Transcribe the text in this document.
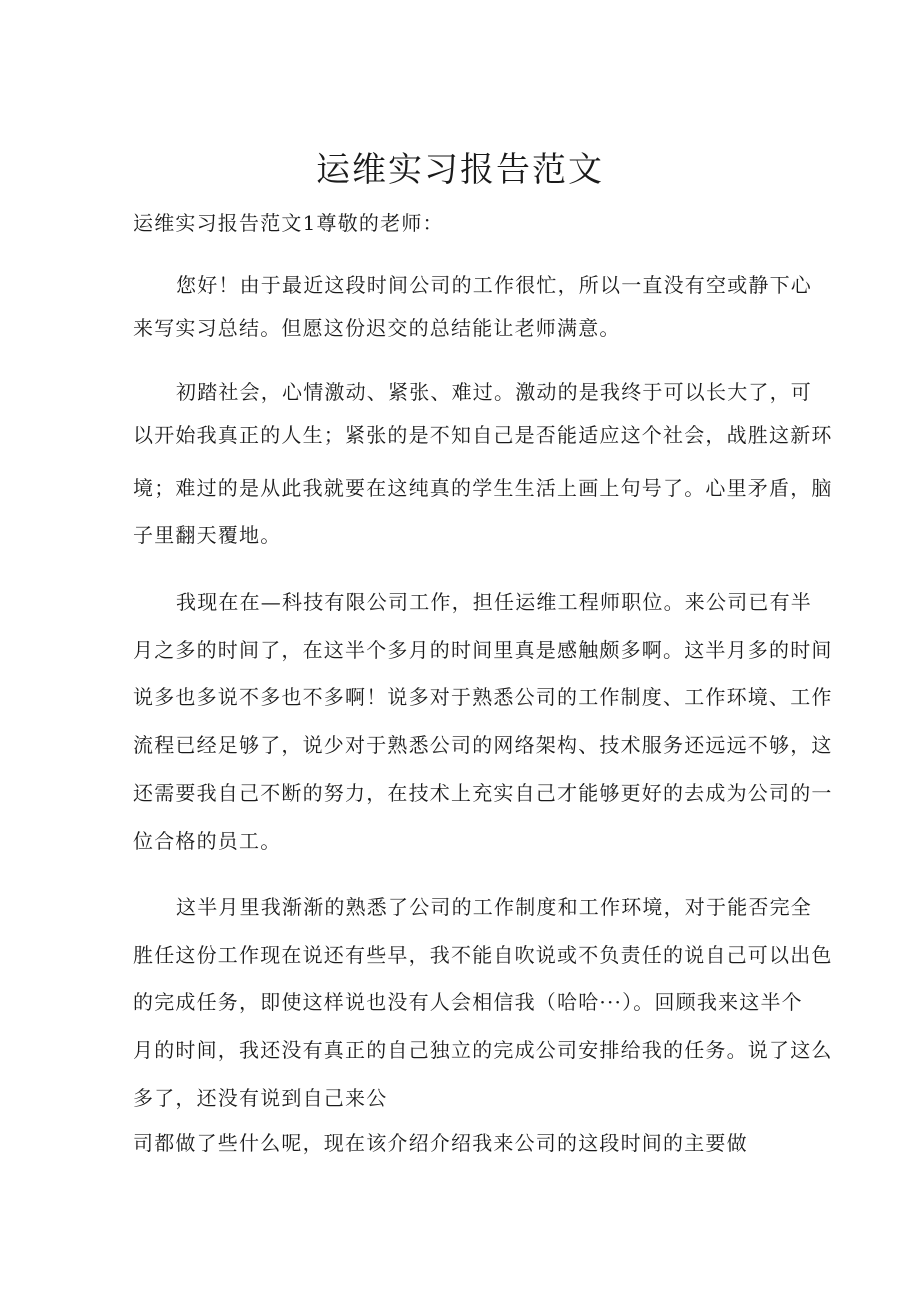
运维实习报告范文

运维实习报告范文1尊敬的老师：

您好！由于最近这段时间公司的工作很忙，所以一直没有空或静下心

来写实习总结。但愿这份迟交的总结能让老师满意。

初踏社会，心情激动、紧张、难过。激动的是我终于可以长大了，可

以开始我真正的人生；紧张的是不知自己是否能适应这个社会，战胜这新环

境；难过的是从此我就要在这纯真的学生生活上画上句号了。心里矛盾，脑

子里翻天覆地。

我现在在—科技有限公司工作，担任运维工程师职位。来公司已有半

月之多的时间了，在这半个多月的时间里真是感触颇多啊。这半月多的时间

说多也多说不多也不多啊！说多对于熟悉公司的工作制度、工作环境、工作

流程已经足够了，说少对于熟悉公司的网络架构、技术服务还远远不够，这

还需要我自己不断的努力，在技术上充实自己才能够更好的去成为公司的一

位合格的员工。

这半月里我渐渐的熟悉了公司的工作制度和工作环境，对于能否完全

胜任这份工作现在说还有些早，我不能自吹说或不负责任的说自己可以出色

的完成任务，即使这样说也没有人会相信我（哈哈···）。回顾我来这半个

月的时间，我还没有真正的自己独立的完成公司安排给我的任务。说了这么

多了，还没有说到自己来公

司都做了些什么呢，现在该介绍介绍我来公司的这段时间的主要做
